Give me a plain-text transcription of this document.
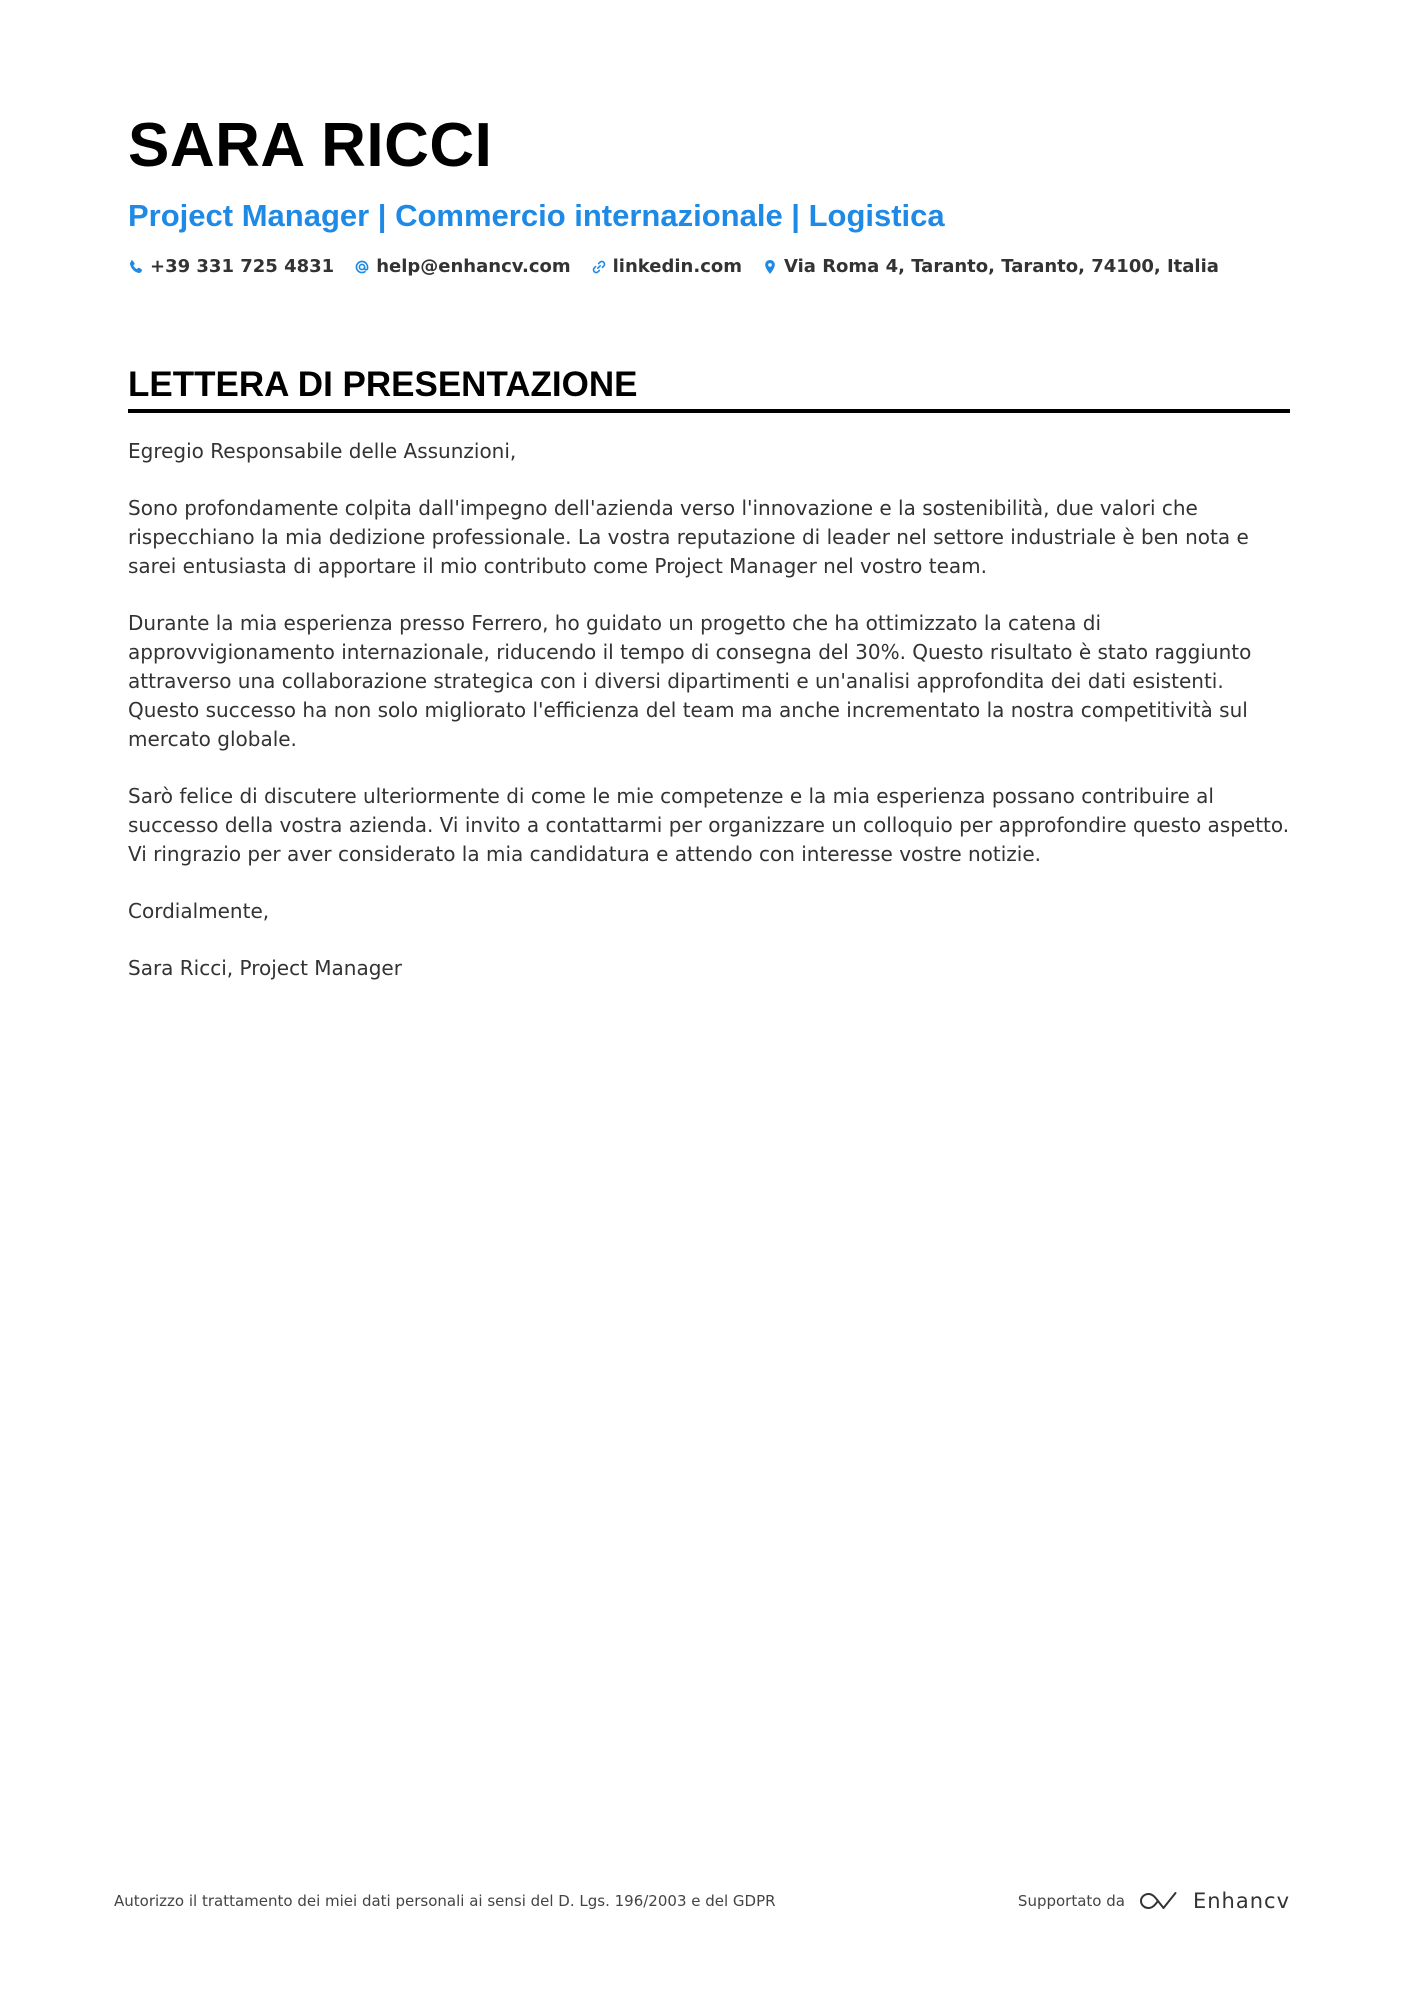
SARA RICCI
Project Manager | Commercio internazionale | Logistica
+39 331 725 4831 help@enhancv.com linkedin.com Via Roma 4, Taranto, Taranto, 74100, Italia
LETTERA DI PRESENTAZIONE

Egregio Responsabile delle Assunzioni,

Sono profondamente colpita dall'impegno dell'azienda verso l'innovazione e la sostenibilità, due valori che rispecchiano la mia dedizione professionale. La vostra reputazione di leader nel settore industriale è ben nota e sarei entusiasta di apportare il mio contributo come Project Manager nel vostro team.

Durante la mia esperienza presso Ferrero, ho guidato un progetto che ha ottimizzato la catena di approvvigionamento internazionale, riducendo il tempo di consegna del 30%. Questo risultato è stato raggiunto attraverso una collaborazione strategica con i diversi dipartimenti e un'analisi approfondita dei dati esistenti. Questo successo ha non solo migliorato l'efficienza del team ma anche incrementato la nostra competitività sul mercato globale.

Sarò felice di discutere ulteriormente di come le mie competenze e la mia esperienza possano contribuire al successo della vostra azienda. Vi invito a contattarmi per organizzare un colloquio per approfondire questo aspetto. Vi ringrazio per aver considerato la mia candidatura e attendo con interesse vostre notizie.

Cordialmente,

Sara Ricci, Project Manager

Autorizzo il trattamento dei miei dati personali ai sensi del D. Lgs. 196/2003 e del GDPR	Supportato da	Enhancv
